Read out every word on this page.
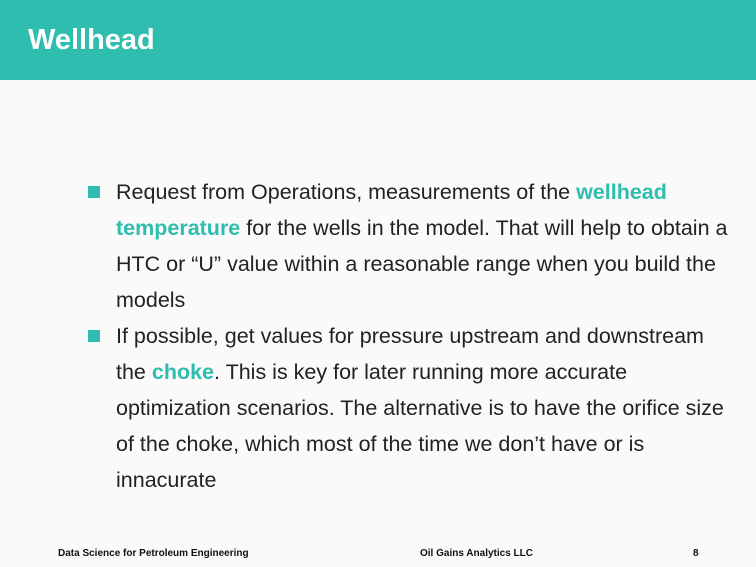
Wellhead
Request from Operations, measurements of the wellhead temperature for the wells in the model. That will help to obtain a HTC or “U” value within a reasonable range when you build the models
If possible, get values for pressure upstream and downstream the choke. This is key for later running more accurate optimization scenarios. The alternative is to have the orifice size of the choke, which most of the time we don’t have or is innacurate
Data Science for Petroleum Engineering	Oil Gains Analytics LLC	8
